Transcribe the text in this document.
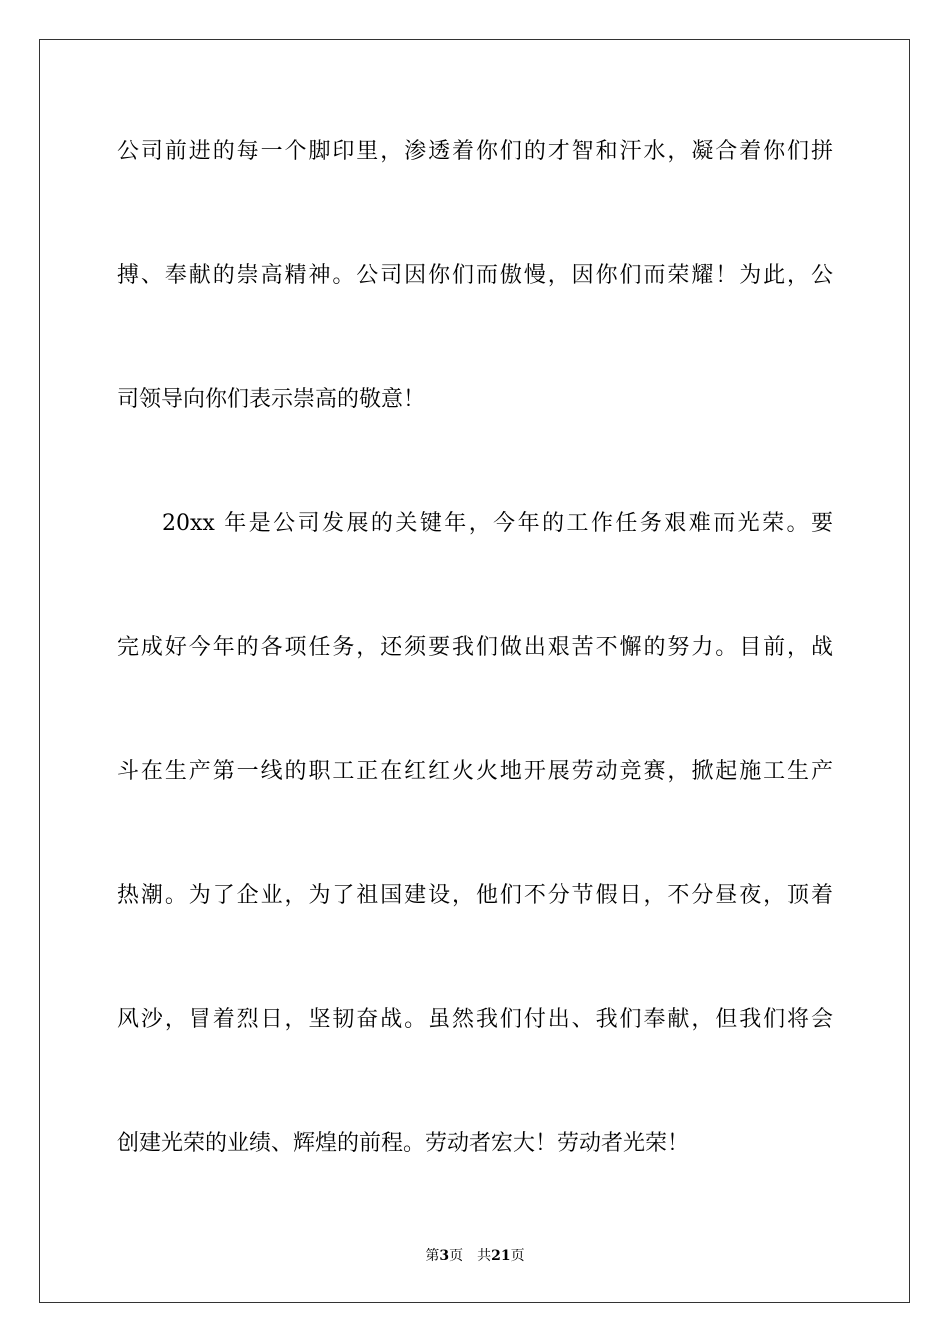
公司前进的每一个脚印里，渗透着你们的才智和汗水，凝合着你们拼
搏、奉献的崇高精神。公司因你们而傲慢，因你们而荣耀！为此，公
司领导向你们表示崇高的敬意！
20xx 年是公司发展的关键年，今年的工作任务艰难而光荣。要
完成好今年的各项任务，还须要我们做出艰苦不懈的努力。目前，战
斗在生产第一线的职工正在红红火火地开展劳动竞赛，掀起施工生产
热潮。为了企业，为了祖国建设，他们不分节假日，不分昼夜，顶着
风沙，冒着烈日，坚韧奋战。虽然我们付出、我们奉献，但我们将会
创建光荣的业绩、辉煌的前程。劳动者宏大！劳动者光荣！
第3页 共21页
